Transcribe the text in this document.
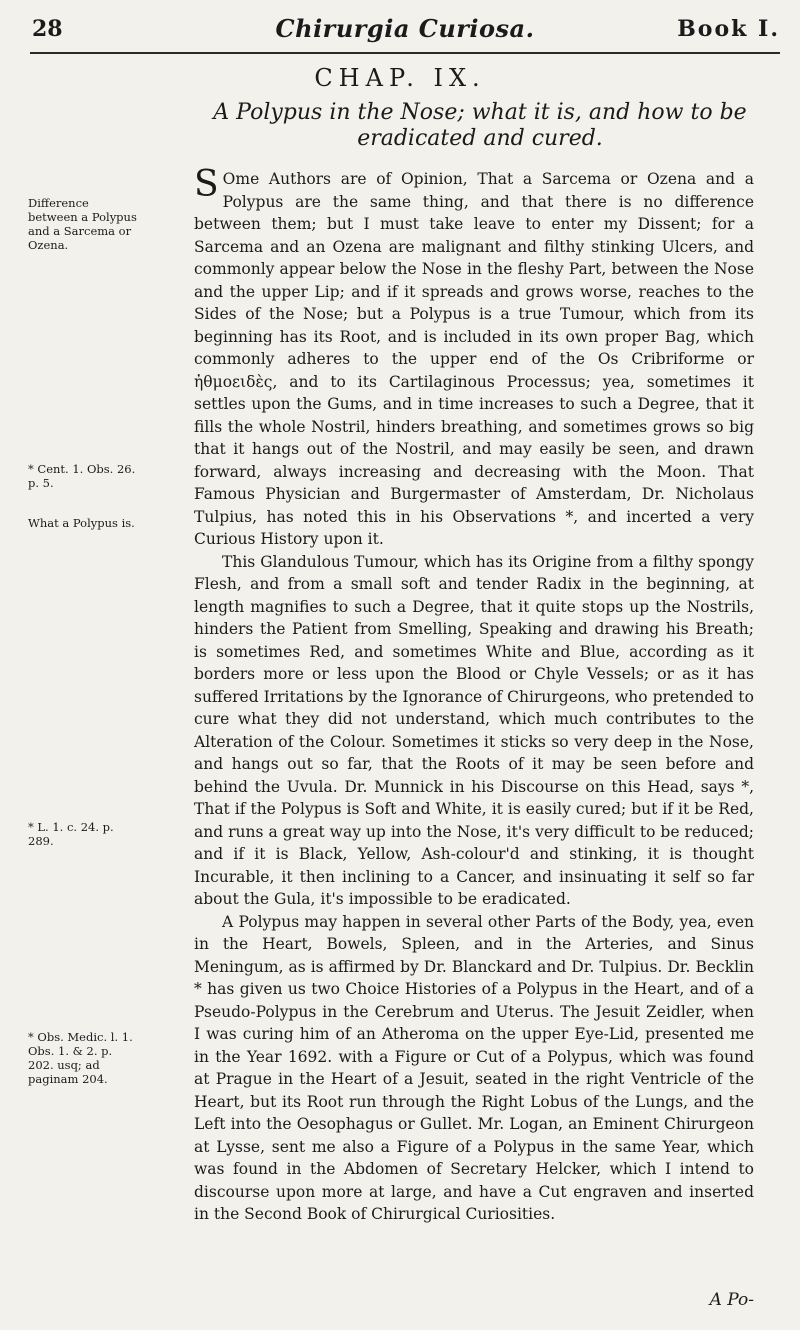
28	Chirurgia Curiosa.	Book I.
CHAP. IX.
A Polypus in the Nose; what it is, and how to be eradicated and cured.
Difference between a Polypus and a Sarcema or Ozena.
* Cent. 1. Obs. 26. p. 5.
What a Polypus is.
* L. 1. c. 24. p. 289.
* Obs. Medic. l. 1. Obs. 1. & 2. p. 202. usq; ad paginam 204.

S Ome Authors are of Opinion, That a Sarcema or Ozena and a Polypus are the same thing, and that there is no difference between them; but I must take leave to enter my Dissent; for a Sarcema and an Ozena are malignant and filthy stinking Ulcers, and commonly appear below the Nose in the fleshy Part, between the Nose and the upper Lip; and if it spreads and grows worse, reaches to the Sides of the Nose; but a Polypus is a true Tumour, which from its beginning has its Root, and is included in its own proper Bag, which commonly adheres to the upper end of the Os Cribriforme or ἠθμοειδὲς, and to its Cartilaginous Processus; yea, sometimes it settles upon the Gums, and in time increases to such a Degree, that it fills the whole Nostril, hinders breathing, and sometimes grows so big that it hangs out of the Nostril, and may easily be seen, and drawn forward, always increasing and decreasing with the Moon. That Famous Physician and Burgermaster of Amsterdam, Dr. Nicholaus Tulpius, has noted this in his Observations *, and incerted a very Curious History upon it.

This Glandulous Tumour, which has its Origine from a filthy spongy Flesh, and from a small soft and tender Radix in the beginning, at length magnifies to such a Degree, that it quite stops up the Nostrils, hinders the Patient from Smelling, Speaking and drawing his Breath; is sometimes Red, and sometimes White and Blue, according as it borders more or less upon the Blood or Chyle Vessels; or as it has suffered Irritations by the Ignorance of Chirurgeons, who pretended to cure what they did not understand, which much contributes to the Alteration of the Colour. Sometimes it sticks so very deep in the Nose, and hangs out so far, that the Roots of it may be seen before and behind the Uvula. Dr. Munnick in his Discourse on this Head, says *, That if the Polypus is Soft and White, it is easily cured; but if it be Red, and runs a great way up into the Nose, it's very difficult to be reduced; and if it is Black, Yellow, Ash-colour'd and stinking, it is thought Incurable, it then inclining to a Cancer, and insinuating it self so far about the Gula, it's impossible to be eradicated.

A Polypus may happen in several other Parts of the Body, yea, even in the Heart, Bowels, Spleen, and in the Arteries, and Sinus Meningum, as is affirmed by Dr. Blanckard and Dr. Tulpius. Dr. Becklin * has given us two Choice Histories of a Polypus in the Heart, and of a Pseudo-Polypus in the Cerebrum and Uterus. The Jesuit Zeidler, when I was curing him of an Atheroma on the upper Eye-Lid, presented me in the Year 1692. with a Figure or Cut of a Polypus, which was found at Prague in the Heart of a Jesuit, seated in the right Ventricle of the Heart, but its Root run through the Right Lobus of the Lungs, and the Left into the Oesophagus or Gullet. Mr. Logan, an Eminent Chirurgeon at Lysse, sent me also a Figure of a Polypus in the same Year, which was found in the Abdomen of Secretary Helcker, which I intend to discourse upon more at large, and have a Cut engraven and inserted in the Second Book of Chirurgical Curiosities.

A Po-
